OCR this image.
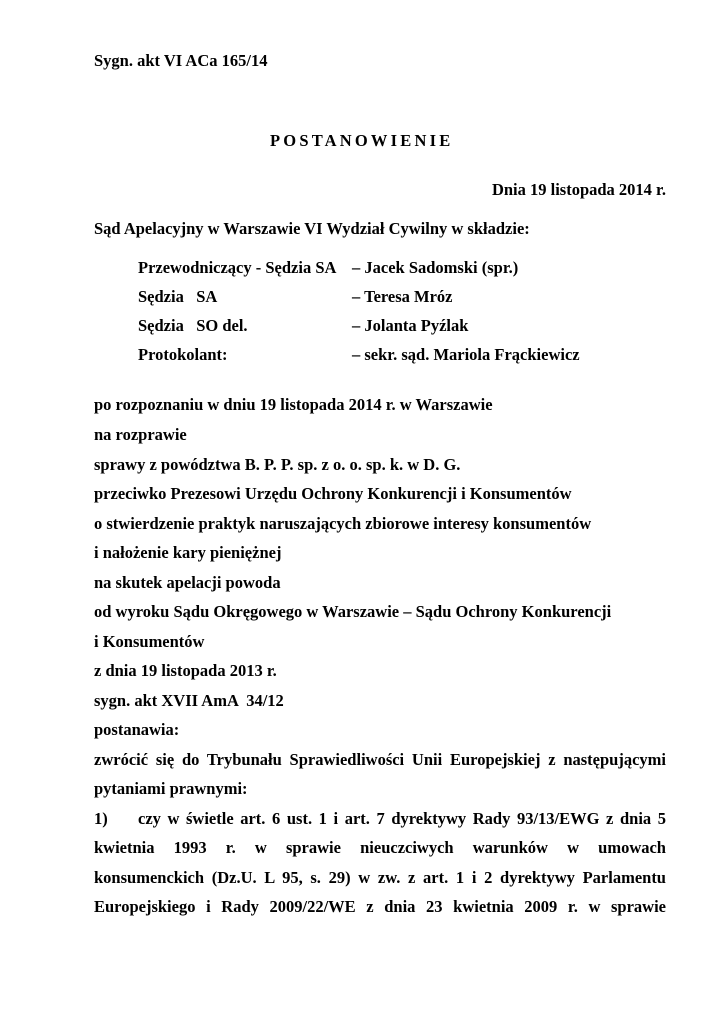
Sygn. akt VI ACa 165/14
POSTANOWIENIE
Dnia 19 listopada 2014 r.
Sąd Apelacyjny w Warszawie VI Wydział Cywilny w składzie:
Przewodniczący - Sędzia SA – Jacek Sadomski (spr.)
Sędzia   SA	– Teresa Mróz
Sędzia   SO del.	– Jolanta Pyźlak
Protokolant:	– sekr. sąd. Mariola Frąckiewicz
po rozpoznaniu w dniu 19 listopada 2014 r. w Warszawie
na rozprawie
sprawy z powództwa B. P. P. sp. z o. o. sp. k. w D. G.
przeciwko Prezesowi Urzędu Ochrony Konkurencji i Konsumentów
o stwierdzenie praktyk naruszających zbiorowe interesy konsumentów
i nałożenie kary pieniężnej
na skutek apelacji powoda
od wyroku Sądu Okręgowego w Warszawie – Sądu Ochrony Konkurencji
i Konsumentów
z dnia 19 listopada 2013 r.
sygn. akt XVII AmA  34/12
postanawia:
zwrócić się do Trybunału Sprawiedliwości Unii Europejskiej z następującymi
pytaniami prawnymi:
1) czy w świetle art. 6 ust. 1 i art. 7 dyrektywy Rady 93/13/EWG z dnia 5
kwietnia 1993 r. w sprawie nieuczciwych warunków w umowach
konsumenckich (Dz.U. L 95, s. 29) w zw. z art. 1 i 2 dyrektywy Parlamentu
Europejskiego i Rady 2009/22/WE z dnia 23 kwietnia 2009 r. w sprawie
